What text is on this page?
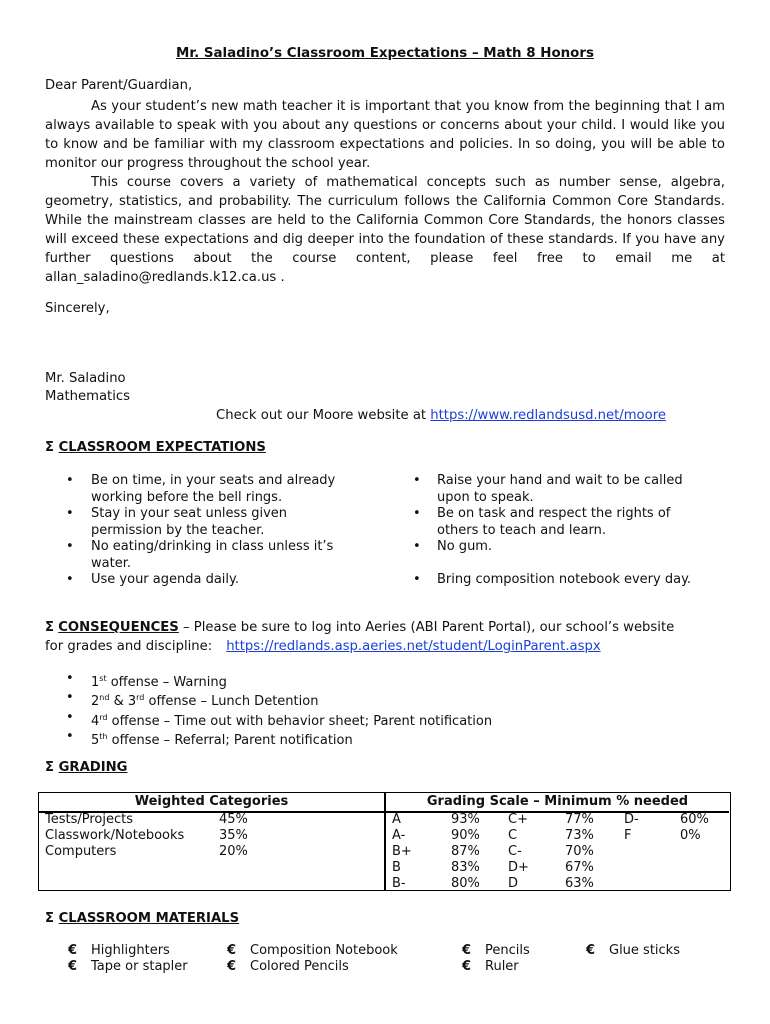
Mr. Saladino’s Classroom Expectations – Math 8 Honors
Dear Parent/Guardian,
As your student’s new math teacher it is important that you know from the beginning that I am always available to speak with you about any questions or concerns about your child. I would like you to know and be familiar with my classroom expectations and policies. In so doing, you will be able to monitor our progress throughout the school year.
This course covers a variety of mathematical concepts such as number sense, algebra, geometry, statistics, and probability. The curriculum follows the California Common Core Standards. While the mainstream classes are held to the California Common Core Standards, the honors classes will exceed these expectations and dig deeper into the foundation of these standards. If you have any further questions about the course content, please feel free to email me at allan_saladino@redlands.k12.ca.us .
Sincerely,
Mr. Saladino
Mathematics
Check out our Moore website at https://www.redlandsusd.net/moore
Σ CLASSROOM EXPECTATIONS
• Be on time, in your seats and already
working before the bell rings.
• Stay in your seat unless given
permission by the teacher.
• No eating/drinking in class unless it’s
water.
• Use your agenda daily.
• Raise your hand and wait to be called
upon to speak.
• Be on task and respect the rights of
others to teach and learn.
• No gum.
• Bring composition notebook every day.
Σ CONSEQUENCES – Please be sure to log into Aeries (ABI Parent Portal), our school’s website
for grades and discipline: https://redlands.asp.aeries.net/student/LoginParent.aspx
• 1st offense – Warning
• 2nd & 3rd offense – Lunch Detention
• 4rd offense – Time out with behavior sheet; Parent notification
• 5th offense – Referral; Parent notification
Σ GRADING
Weighted Categories	Grading Scale – Minimum % needed
Tests/Projects	45%
Classwork/Notebooks	35%
Computers	20%
A	93%
A-	90%
B+	87%
B	83%
B-	80%
C+	77%
C	73%
C-	70%
D+	67%
D	63%
D-	60%
F	0%
Σ CLASSROOM MATERIALS
€ Highlighters
€ Tape or stapler
€ Composition Notebook
€ Colored Pencils
€ Pencils
€ Ruler
€ Glue sticks
